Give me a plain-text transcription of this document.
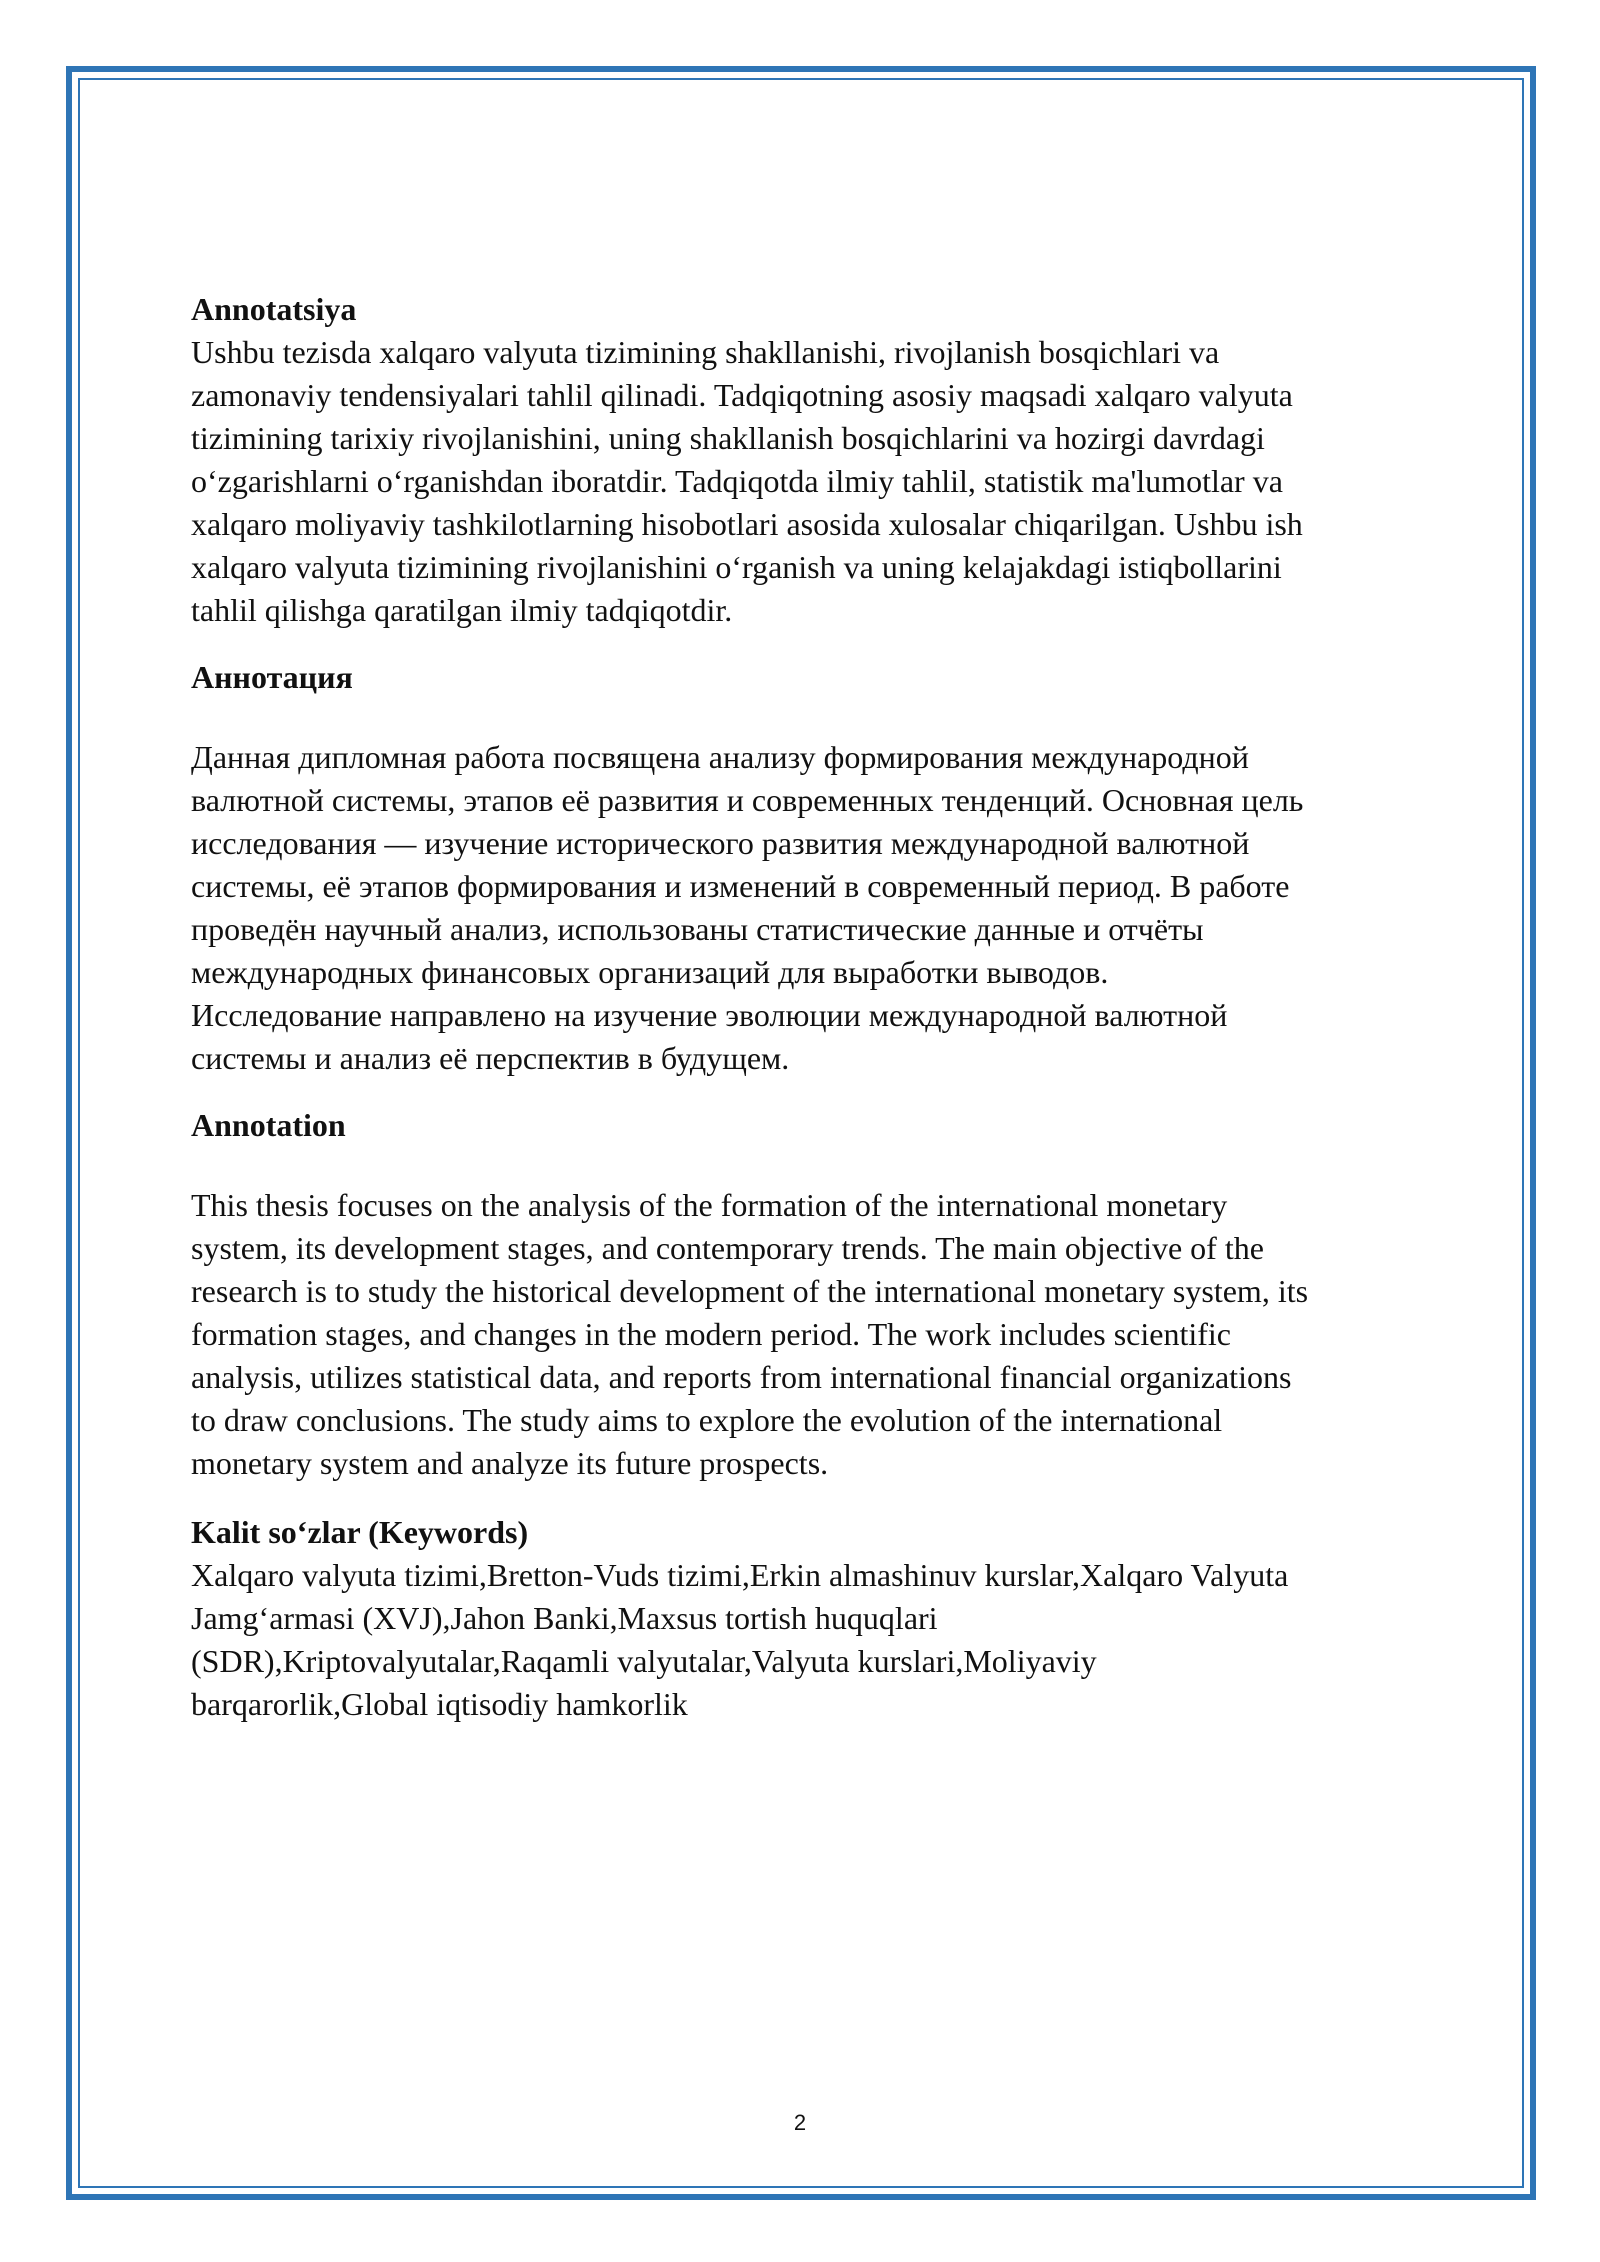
Annotatsiya

Ushbu tezisda xalqaro valyuta tizimining shakllanishi, rivojlanish bosqichlari va
zamonaviy tendensiyalari tahlil qilinadi. Tadqiqotning asosiy maqsadi xalqaro valyuta
tizimining tarixiy rivojlanishini, uning shakllanish bosqichlarini va hozirgi davrdagi
o‘zgarishlarni o‘rganishdan iboratdir. Tadqiqotda ilmiy tahlil, statistik ma'lumotlar va
xalqaro moliyaviy tashkilotlarning hisobotlari asosida xulosalar chiqarilgan. Ushbu ish
xalqaro valyuta tizimining rivojlanishini o‘rganish va uning kelajakdagi istiqbollarini
tahlil qilishga qaratilgan ilmiy tadqiqotdir.

Аннотация

Данная дипломная работа посвящена анализу формирования международной
валютной системы, этапов её развития и современных тенденций. Основная цель
исследования — изучение исторического развития международной валютной
системы, её этапов формирования и изменений в современный период. В работе
проведён научный анализ, использованы статистические данные и отчёты
международных финансовых организаций для выработки выводов.
Исследование направлено на изучение эволюции международной валютной
системы и анализ её перспектив в будущем.

Annotation

This thesis focuses on the analysis of the formation of the international monetary
system, its development stages, and contemporary trends. The main objective of the
research is to study the historical development of the international monetary system, its
formation stages, and changes in the modern period. The work includes scientific
analysis, utilizes statistical data, and reports from international financial organizations
to draw conclusions. The study aims to explore the evolution of the international
monetary system and analyze its future prospects.

Kalit so‘zlar (Keywords)

Xalqaro valyuta tizimi,Bretton-Vuds tizimi,Erkin almashinuv kurslar,Xalqaro Valyuta
Jamg‘armasi (XVJ),Jahon Banki,Maxsus tortish huquqlari
(SDR),Kriptovalyutalar,Raqamli valyutalar,Valyuta kurslari,Moliyaviy
barqarorlik,Global iqtisodiy hamkorlik

2
